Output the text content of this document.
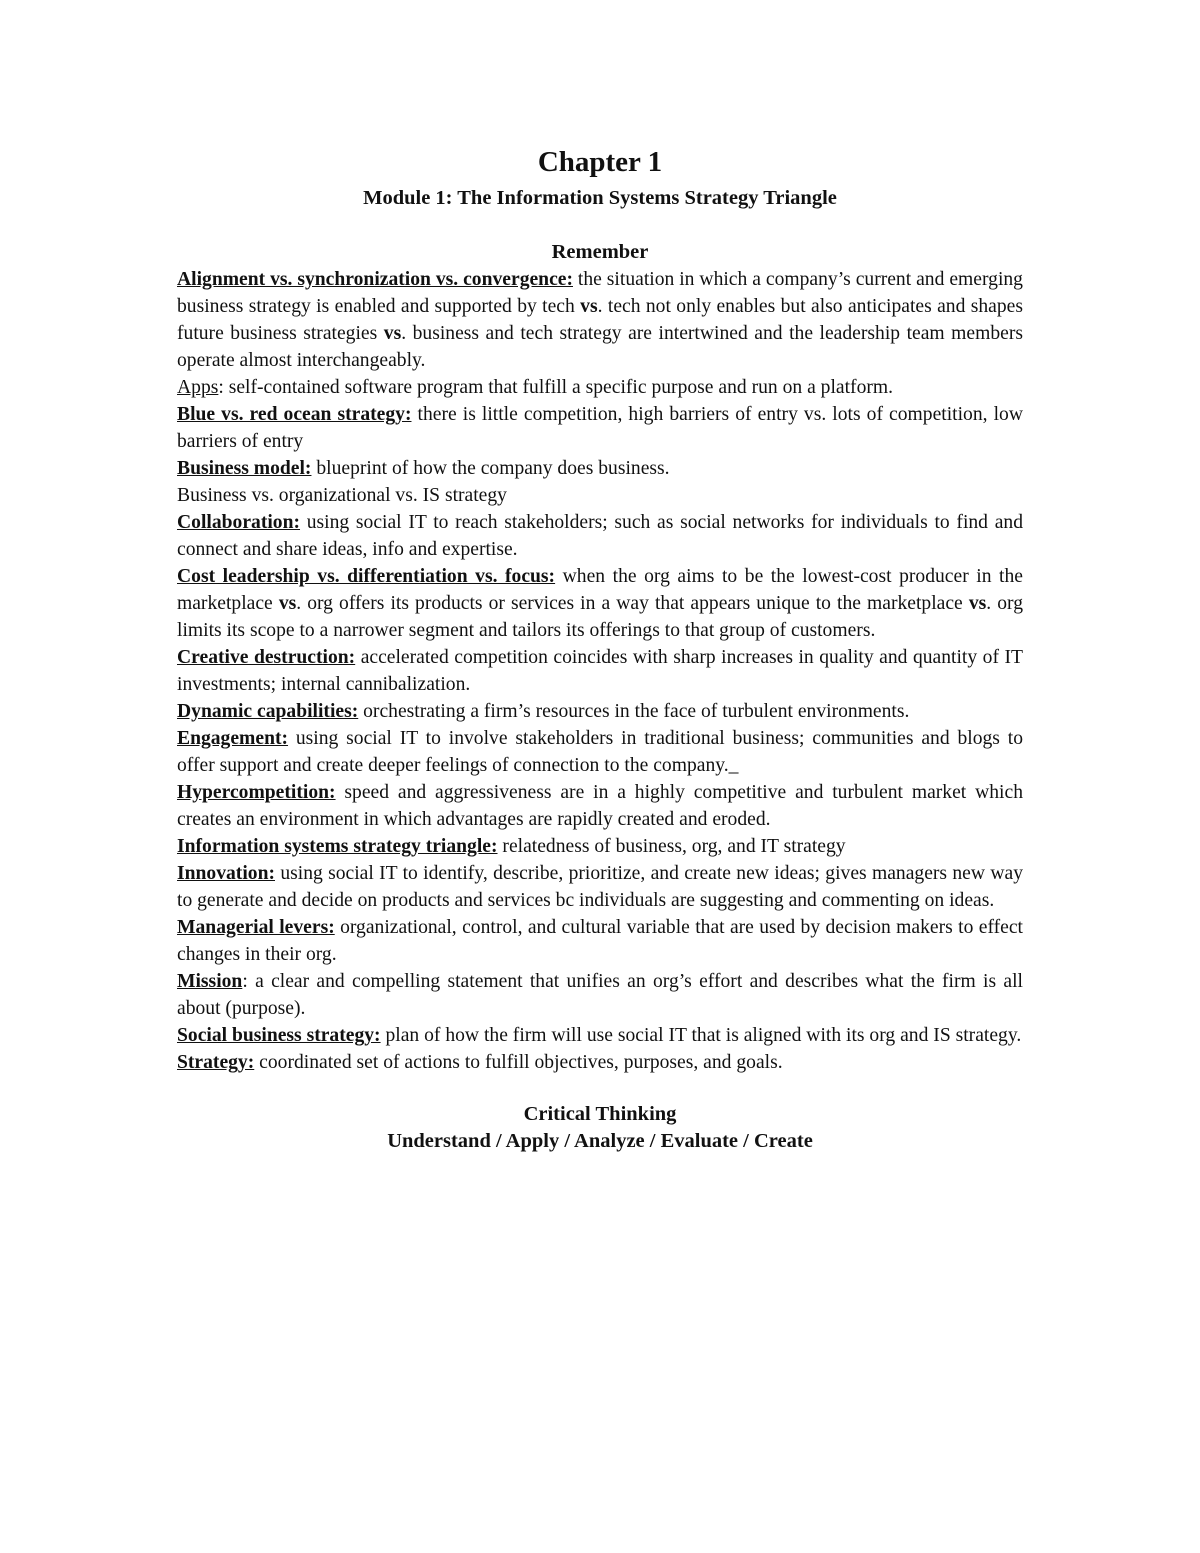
Chapter 1

Module 1: The Information Systems Strategy Triangle

Remember

Alignment vs. synchronization vs. convergence: the situation in which a company’s current and emerging business strategy is enabled and supported by tech vs. tech not only enables but also anticipates and shapes future business strategies vs. business and tech strategy are intertwined and the leadership team members operate almost interchangeably.

Apps: self-contained software program that fulfill a specific purpose and run on a platform.

Blue vs. red ocean strategy: there is little competition, high barriers of entry vs. lots of competition, low barriers of entry

Business model: blueprint of how the company does business.

Business vs. organizational vs. IS strategy

Collaboration: using social IT to reach stakeholders; such as social networks for individuals to find and connect and share ideas, info and expertise.

Cost leadership vs. differentiation vs. focus: when the org aims to be the lowest-cost producer in the marketplace vs. org offers its products or services in a way that appears unique to the marketplace vs. org limits its scope to a narrower segment and tailors its offerings to that group of customers.

Creative destruction: accelerated competition coincides with sharp increases in quality and quantity of IT investments; internal cannibalization.

Dynamic capabilities: orchestrating a firm’s resources in the face of turbulent environments.

Engagement: using social IT to involve stakeholders in traditional business; communities and blogs to offer support and create deeper feelings of connection to the company._

Hypercompetition: speed and aggressiveness are in a highly competitive and turbulent market which creates an environment in which advantages are rapidly created and eroded.

Information systems strategy triangle: relatedness of business, org, and IT strategy

Innovation: using social IT to identify, describe, prioritize, and create new ideas; gives managers new way to generate and decide on products and services bc individuals are suggesting and commenting on ideas.

Managerial levers: organizational, control, and cultural variable that are used by decision makers to effect changes in their org.

Mission: a clear and compelling statement that unifies an org’s effort and describes what the firm is all about (purpose).

Social business strategy: plan of how the firm will use social IT that is aligned with its org and IS strategy.

Strategy: coordinated set of actions to fulfill objectives, purposes, and goals.

Critical Thinking

Understand / Apply / Analyze / Evaluate / Create
